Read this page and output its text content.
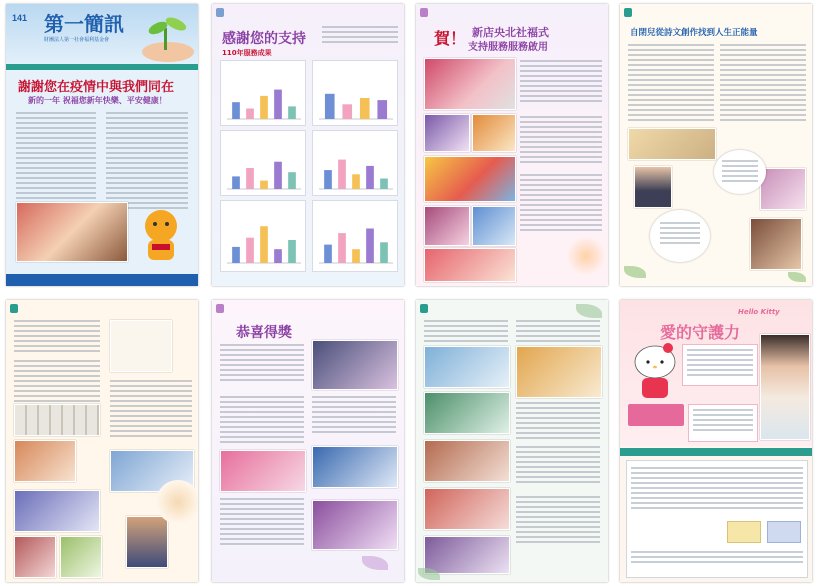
141 第一簡訊
財團法人第一社會福利基金會
謝謝您在疫情中與我們同在
新的一年 祝福您新年快樂、平安健康！
感謝您的支持
110年服務成果
賀！ 新店央北社福式
支持服務服務啟用
自閉兒從詩文創作找到人生正能量
恭喜得獎
Hello Kitty
愛的守護力
